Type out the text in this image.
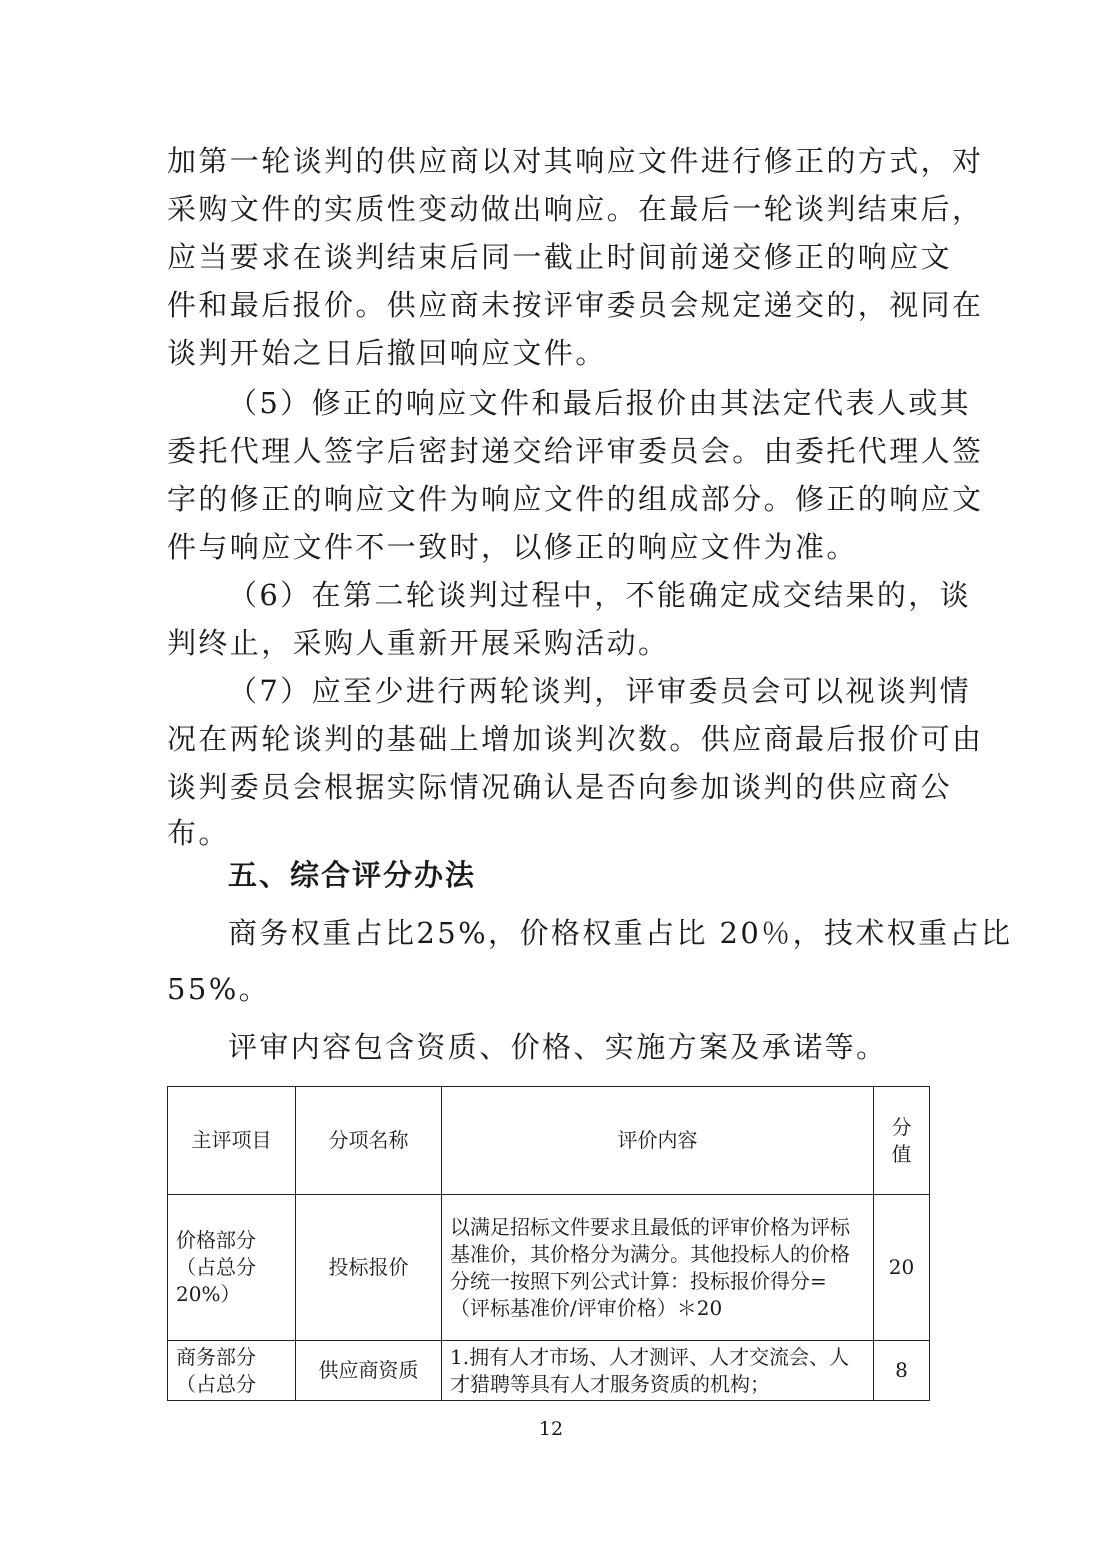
加第一轮谈判的供应商以对其响应文件进行修正的方式，对
采购文件的实质性变动做出响应。在最后一轮谈判结束后，
应当要求在谈判结束后同一截止时间前递交修正的响应文
件和最后报价。供应商未按评审委员会规定递交的，视同在
谈判开始之日后撤回响应文件。
（5）修正的响应文件和最后报价由其法定代表人或其
委托代理人签字后密封递交给评审委员会。由委托代理人签
字的修正的响应文件为响应文件的组成部分。修正的响应文
件与响应文件不一致时，以修正的响应文件为准。
（6）在第二轮谈判过程中，不能确定成交结果的，谈
判终止，采购人重新开展采购活动。
（7）应至少进行两轮谈判，评审委员会可以视谈判情
况在两轮谈判的基础上增加谈判次数。供应商最后报价可由
谈判委员会根据实际情况确认是否向参加谈判的供应商公
布。
五、综合评分办法
商务权重占比25%，价格权重占比 20％，技术权重占比
55%。
评审内容包含资质、价格、实施方案及承诺等。
主评项目	分项名称	评价内容	分值
价格部分（占总分20%）	投标报价	以满足招标文件要求且最低的评审价格为评标基准价，其价格分为满分。其他投标人的价格分统一按照下列公式计算：投标报价得分=（评标基准价/评审价格）＊20	20
商务部分（占总分	供应商资质	1.拥有人才市场、人才测评、人才交流会、人才猎聘等具有人才服务资质的机构；	8
12
